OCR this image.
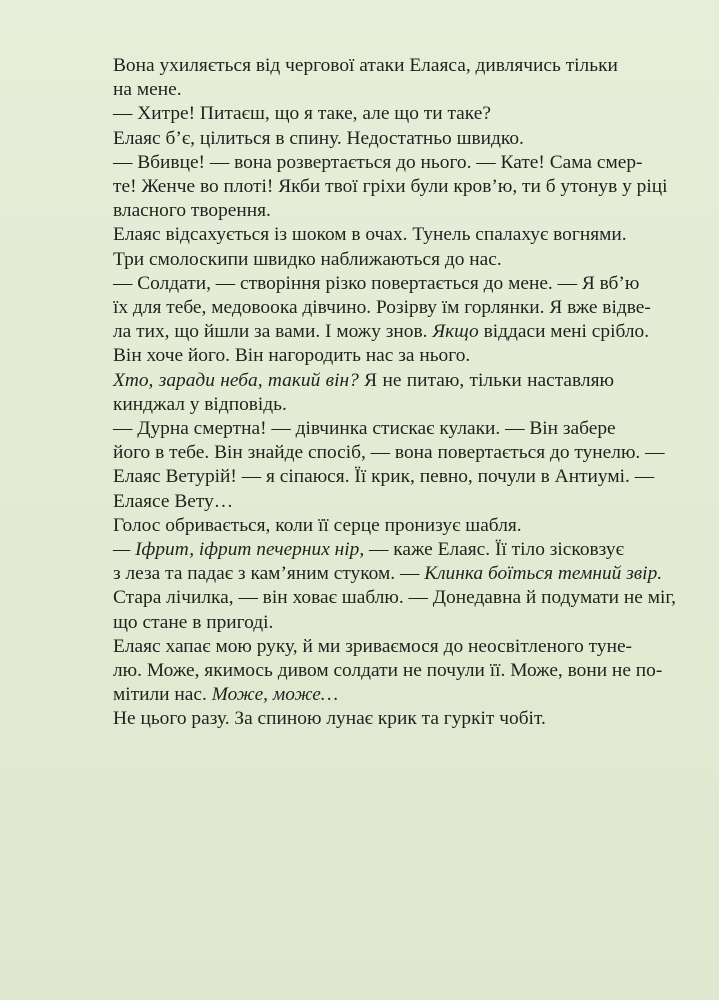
Вона ухиляється від чергової атаки Елаяса, дивлячись тільки
на мене.

— Хитре! Питаєш, що я таке, але що ти таке?

Елаяс б’є, цілиться в спину. Недостатньо швидко.

— Вбивце! — вона розвертається до нього. — Кате! Сама смер-
те! Женче во плоті! Якби твої гріхи були кров’ю, ти б утонув у ріці
власного творення.

Елаяс відсахується із шоком в очах. Тунель спалахує вогнями.
Три смолоскипи швидко наближаються до нас.

— Солдати, — створіння різко повертається до мене. — Я вб’ю
їх для тебе, медовоока дівчино. Розірву їм горлянки. Я вже відве-
ла тих, що йшли за вами. І можу знов. Якщо віддаси мені срібло.
Він хоче його. Він нагородить нас за нього.

Хто, заради неба, такий він? Я не питаю, тільки наставляю
кинджал у відповідь.

— Дурна смертна! — дівчинка стискає кулаки. — Він забере
його в тебе. Він знайде спосіб, — вона повертається до тунелю. —
Елаяс Ветурій! — я сіпаюся. Її крик, певно, почули в Антиумі. —
Елаясе Вету…

Голос обривається, коли її серце пронизує шабля.

— Іфрит, іфрит печерних нір, — каже Елаяс. Її тіло зісковзує
з леза та падає з кам’яним стуком. — Клинка боїться темний звір.
Стара лічилка, — він ховає шаблю. — Донедавна й подумати не міг,
що стане в пригоді.

Елаяс хапає мою руку, й ми зриваємося до неосвітленого туне-
лю. Може, якимось дивом солдати не почули її. Може, вони не по-
мітили нас. Може, може…

Не цього разу. За спиною лунає крик та гуркіт чобіт.
